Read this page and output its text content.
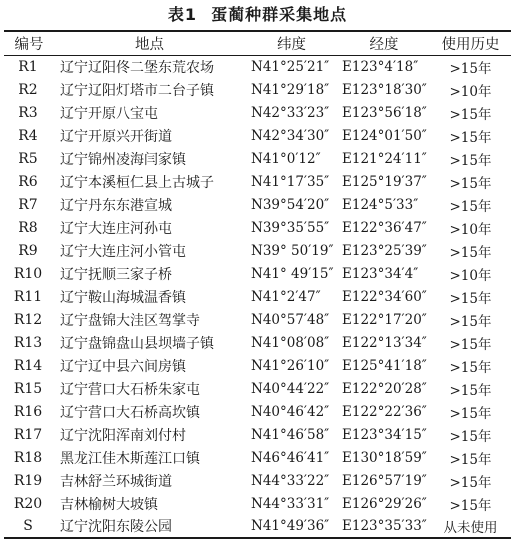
表1 蛋蔺种群采集地点
编号	地点	纬度	经度	使用历史
R1	辽宁辽阳佟二堡东荒农场	N41°25′21″	E123°4′18″	>15年
R2	辽宁辽阳灯塔市二台子镇	N41°29′18″	E123°18′30″	>10年
R3	辽宁开原八宝屯	N42°33′23″	E123°56′18″	>15年
R4	辽宁开原兴开街道	N42°34′30″	E124°01′50″	>15年
R5	辽宁锦州凌海闫家镇	N41°0′12″	E121°24′11″	>15年
R6	辽宁本溪桓仁县上古城子	N41°17′35″	E125°19′37″	>15年
R7	辽宁丹东东港宣城	N39°54′20″	E124°5′33″	>15年
R8	辽宁大连庄河孙屯	N39°35′55″	E122°36′47″	>10年
R9	辽宁大连庄河小管屯	N39° 50′19″	E123°25′39″	>15年
R10	辽宁抚顺三家子桥	N41° 49′15″	E123°34′4″	>10年
R11	辽宁鞍山海城温香镇	N41°2′47″	E122°34′60″	>15年
R12	辽宁盘锦大洼区驾掌寺	N40°57′48″	E122°17′20″	>15年
R13	辽宁盘锦盘山县坝墙子镇	N41°08′08″	E122°13′34″	>15年
R14	辽宁辽中县六间房镇	N41°26′10″	E125°41′18″	>15年
R15	辽宁营口大石桥朱家屯	N40°44′22″	E122°20′28″	>15年
R16	辽宁营口大石桥高坎镇	N40°46′42″	E122°22′36″	>15年
R17	辽宁沈阳浑南刘付村	N41°46′58″	E123°34′15″	>15年
R18	黑龙江佳木斯莲江口镇	N46°46′41″	E130°18′59″	>15年
R19	吉林舒兰环城街道	N44°33′22″	E126°57′19″	>15年
R20	吉林榆树大坡镇	N44°33′31″	E126°29′26″	>15年
S	辽宁沈阳东陵公园	N41°49′36″	E123°35′33″	从未使用
